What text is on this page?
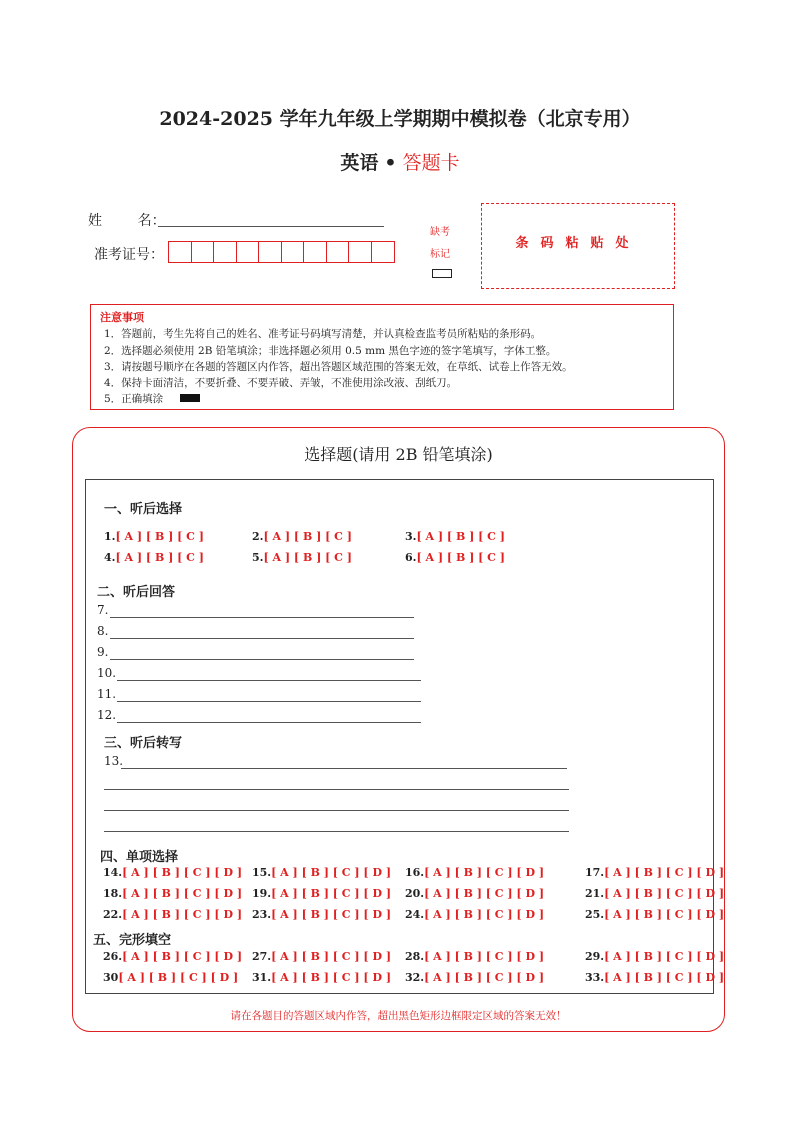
2024-2025 学年九年级上学期期中模拟卷（北京专用）
英语 • 答题卡
姓        名：
准考证号：
缺考标记
条码粘贴处
注意事项
1．答题前，考生先将自己的姓名、准考证号码填写清楚，并认真检查监考员所粘贴的条形码。
2．选择题必须使用 2B 铅笔填涂；非选择题必须用 0.5 mm 黑色字迹的签字笔填写，字体工整。
3．请按题号顺序在各题的答题区内作答，超出答题区域范围的答案无效，在草纸、试卷上作答无效。
4．保持卡面清洁，不要折叠、不要弄破、弄皱，不准使用涂改液、刮纸刀。
5．正确填涂
选择题(请用 2B 铅笔填涂)
一、听后选择
1.[ A ] [ B ] [ C ]	2.[ A ] [ B ] [ C ]	3.[ A ] [ B ] [ C ]
4.[ A ] [ B ] [ C ]	5.[ A ] [ B ] [ C ]	6.[ A ] [ B ] [ C ]
二、听后回答
7.
8.
9.
10.
11.
12.
三、听后转写
13.
四、单项选择
14.[ A ] [ B ] [ C ] [ D ] 15.[ A ] [ B ] [ C ] [ D ] 16.[ A ] [ B ] [ C ] [ D ]	17.[ A ] [ B ] [ C ] [ D ]
18.[ A ] [ B ] [ C ] [ D ] 19.[ A ] [ B ] [ C ] [ D ] 20.[ A ] [ B ] [ C ] [ D ]	21.[ A ] [ B ] [ C ] [ D ]
22.[ A ] [ B ] [ C ] [ D ] 23.[ A ] [ B ] [ C ] [ D ] 24.[ A ] [ B ] [ C ] [ D ]	25.[ A ] [ B ] [ C ] [ D ]
五、完形填空
26.[ A ] [ B ] [ C ] [ D ] 27.[ A ] [ B ] [ C ] [ D ] 28.[ A ] [ B ] [ C ] [ D ]	29.[ A ] [ B ] [ C ] [ D ]
30[ A ] [ B ] [ C ] [ D ] 31.[ A ] [ B ] [ C ] [ D ] 32.[ A ] [ B ] [ C ] [ D ]	33.[ A ] [ B ] [ C ] [ D ]
请在各题目的答题区域内作答，超出黑色矩形边框限定区域的答案无效！
